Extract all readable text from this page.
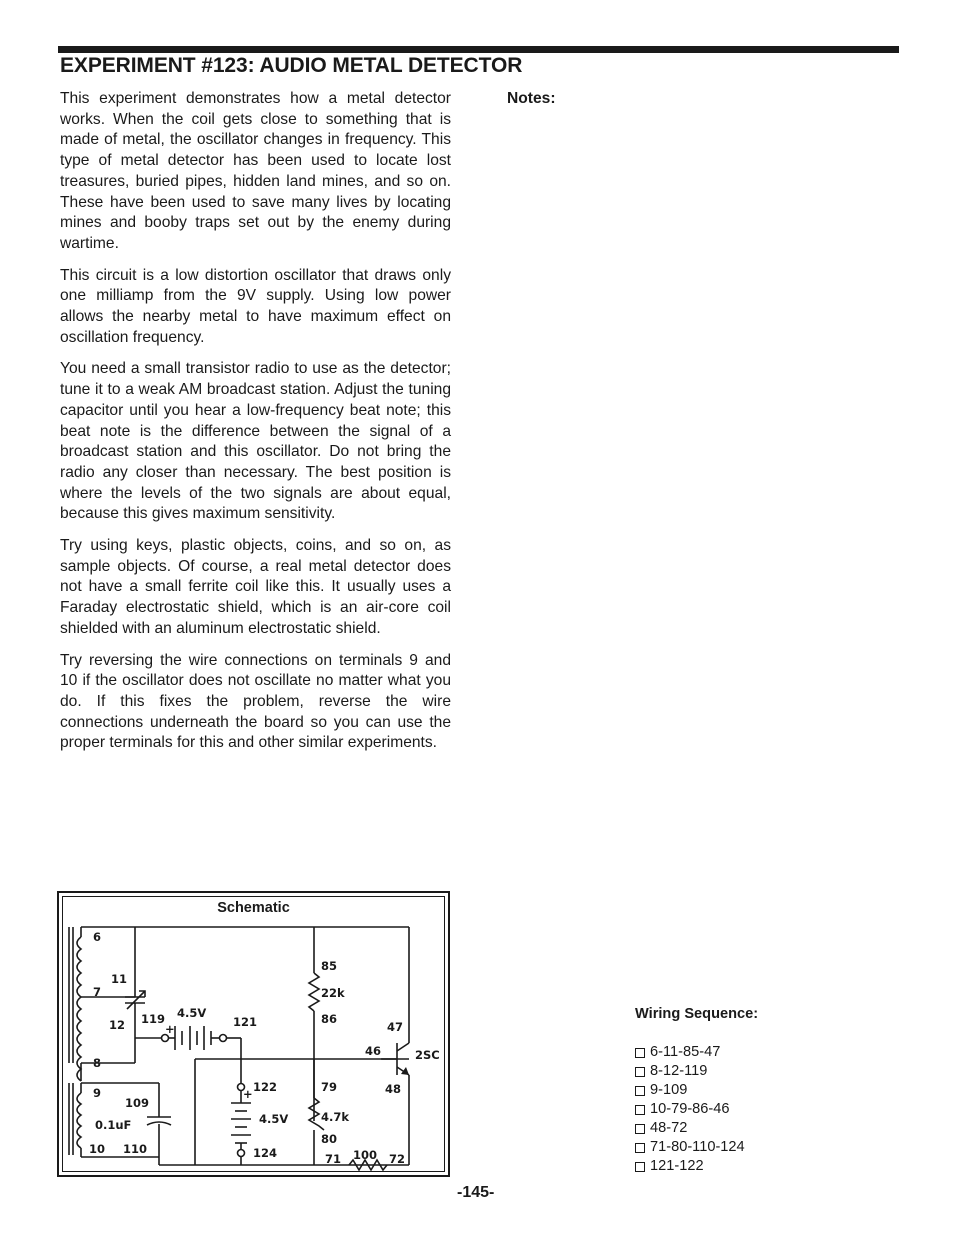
EXPERIMENT #123: AUDIO METAL DETECTOR

This experiment demonstrates how a metal detector works. When the coil gets close to something that is made of metal, the oscillator changes in frequency. This type of metal detector has been used to locate lost treasures, buried pipes, hidden land mines, and so on. These have been used to save many lives by locating mines and booby traps set out by the enemy during wartime.

This circuit is a low distortion oscillator that draws only one milliamp from the 9V supply. Using low power allows the nearby metal to have maximum effect on oscillation frequency.

You need a small transistor radio to use as the detector; tune it to a weak AM broadcast station. Adjust the tuning capacitor until you hear a low-frequency beat note; this beat note is the difference between the signal of a broadcast station and this oscillator. Do not bring the radio any closer than necessary. The best position is where the levels of the two signals are about equal, because this gives maximum sensitivity.

Try using keys, plastic objects, coins, and so on, as sample objects. Of course, a real metal detector does not have a small ferrite coil like this. It usually uses a Faraday electrostatic shield, which is an air-core coil shielded with an aluminum electrostatic shield.

Try reversing the wire connections on terminals 9 and 10 if the oscillator does not oscillate no matter what you do. If this fixes the problem, reverse the wire connections underneath the board so you can use the proper terminals for this and other similar experiments.

Notes:
Schematic
6
7
8
11
12 119 4.5V
+	121
85
22k
86
47
46	2SC
9
109
0.1uF
10 110
122
+
4.5V
124
79
4.7k
48
80
71 100 72
Wiring Sequence:
6-11-85-47
8-12-119
9-109
10-79-86-46
48-72
71-80-110-124
121-122
-145-
